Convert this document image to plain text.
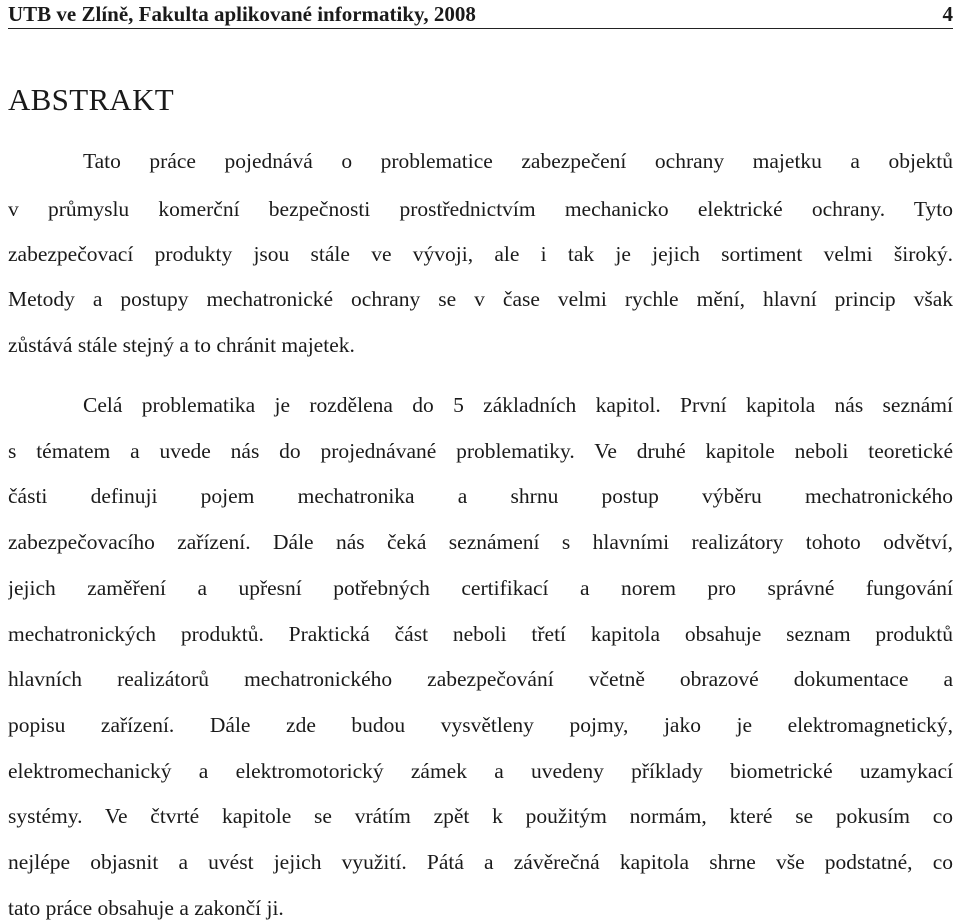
UTB ve Zlíně, Fakulta aplikované informatiky, 2008	4
ABSTRAKT
Tato práce pojednává o problematice zabezpečení ochrany majetku a objektů
v průmyslu komerční bezpečnosti prostřednictvím mechanicko elektrické ochrany. Tyto
zabezpečovací produkty jsou stále ve vývoji, ale i tak je jejich sortiment velmi široký.
Metody a postupy mechatronické ochrany se v čase velmi rychle mění, hlavní princip však
zůstává stále stejný a to chránit majetek.
Celá problematika je rozdělena do 5 základních kapitol. První kapitola nás seznámí
s tématem a uvede nás do projednávané problematiky. Ve druhé kapitole neboli teoretické
části definuji pojem mechatronika a shrnu postup výběru mechatronického
zabezpečovacího zařízení. Dále nás čeká seznámení s hlavními realizátory tohoto odvětví,
jejich zaměření a upřesní potřebných certifikací a norem pro správné fungování
mechatronických produktů. Praktická část neboli třetí kapitola obsahuje seznam produktů
hlavních realizátorů mechatronického zabezpečování včetně obrazové dokumentace a
popisu zařízení. Dále zde budou vysvětleny pojmy, jako je elektromagnetický,
elektromechanický a elektromotorický zámek a uvedeny příklady biometrické uzamykací
systémy. Ve čtvrté kapitole se vrátím zpět k použitým normám, které se pokusím co
nejlépe objasnit a uvést jejich využití. Pátá a závěrečná kapitola shrne vše podstatné, co
tato práce obsahuje a zakončí ji.
